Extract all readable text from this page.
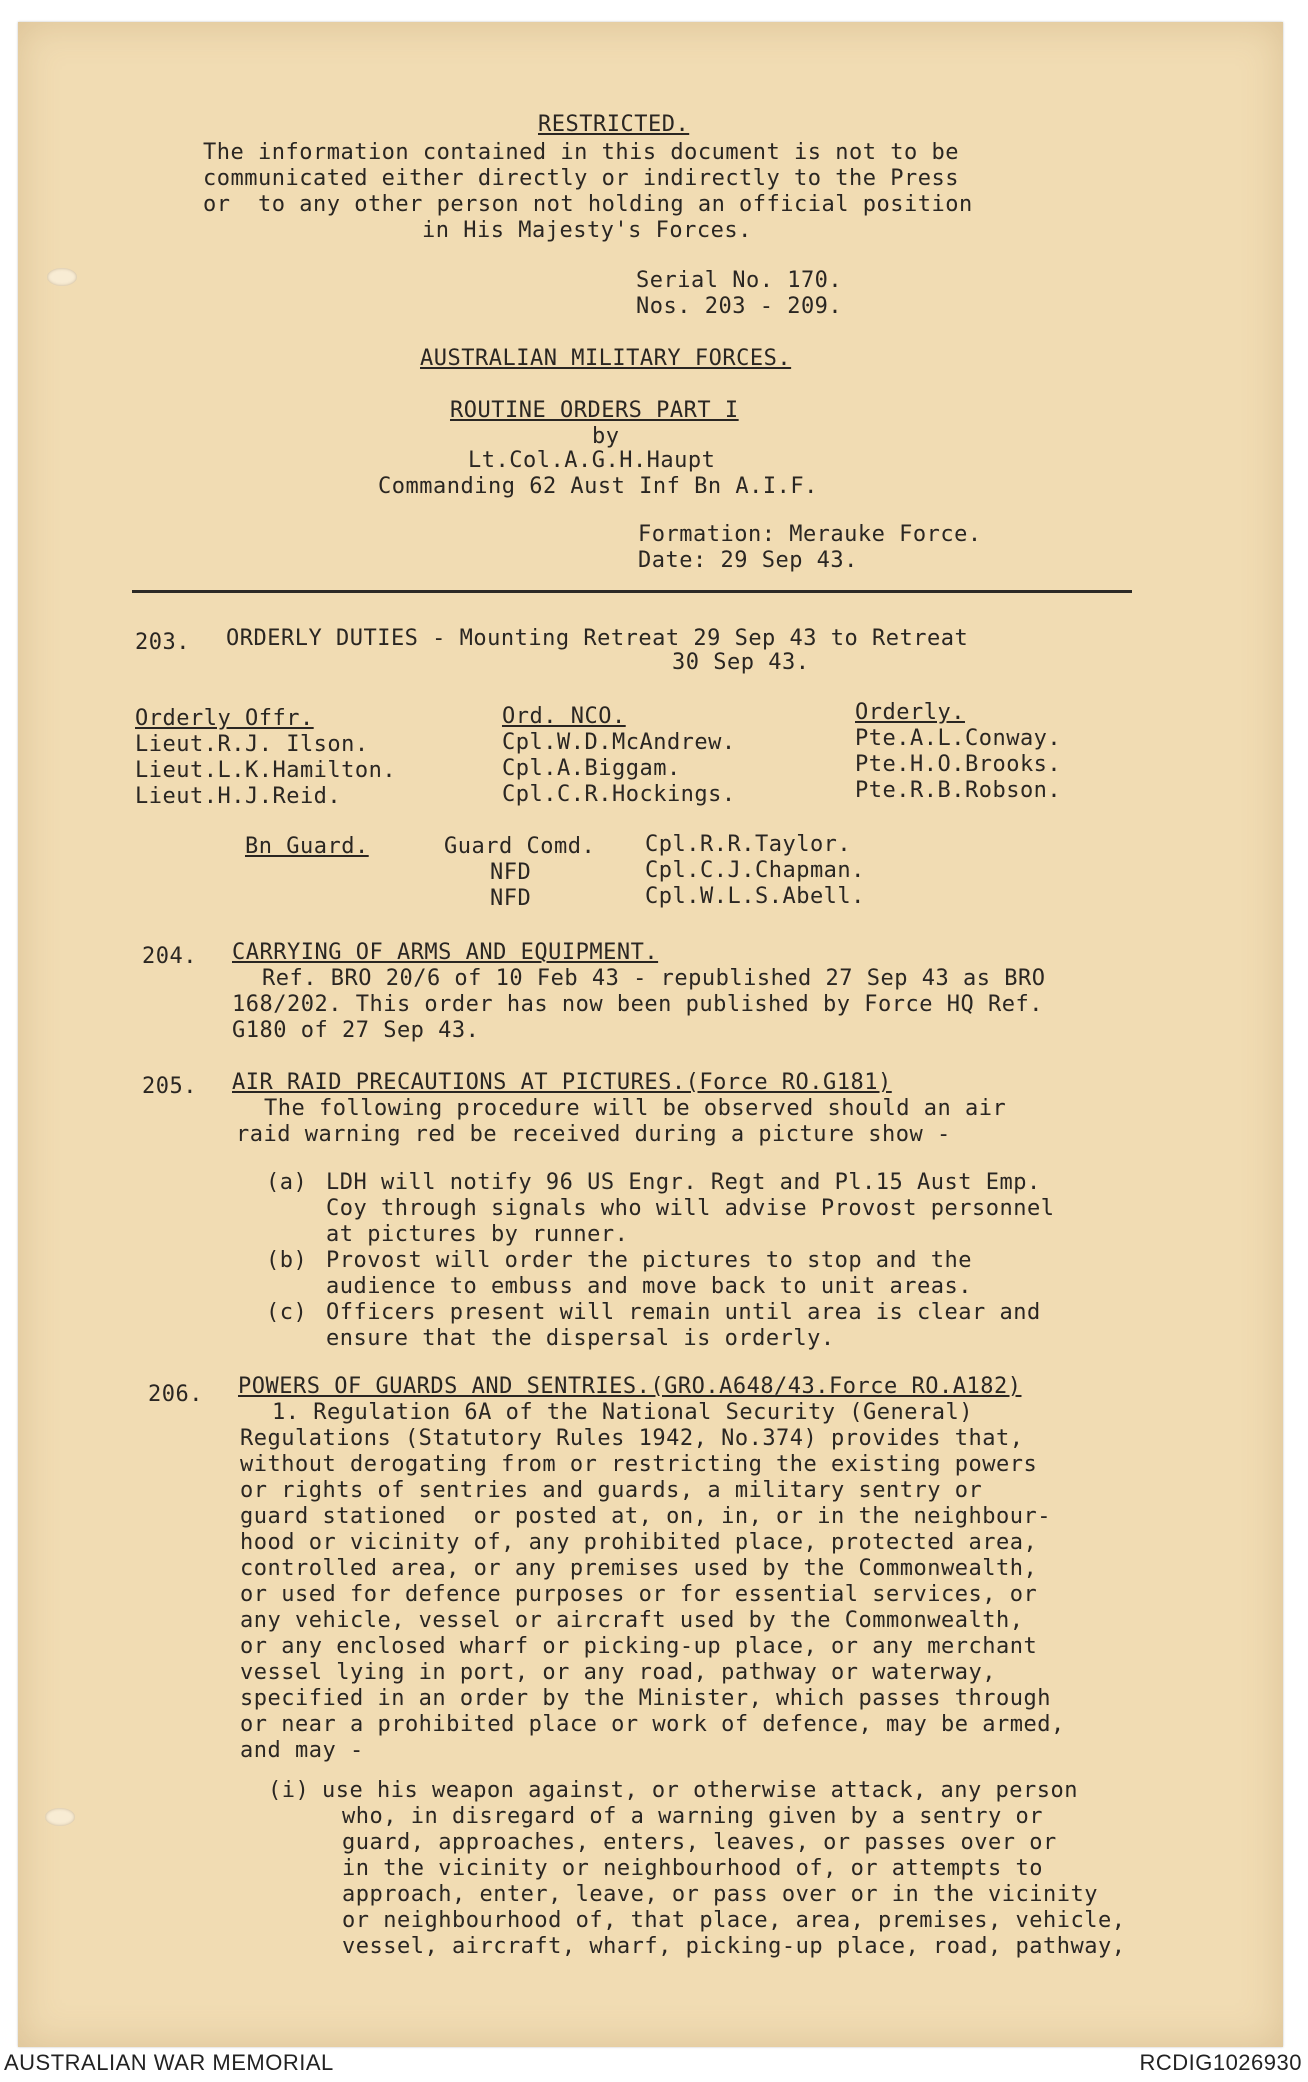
RESTRICTED.
The information contained in this document is not to be
communicated either directly or indirectly to the Press
or  to any other person not holding an official position
in His Majesty's Forces.
Serial No. 170.
Nos. 203 - 209.
AUSTRALIAN MILITARY FORCES.
ROUTINE ORDERS PART I
by
Lt.Col.A.G.H.Haupt
Commanding 62 Aust Inf Bn A.I.F.
Formation: Merauke Force.
Date: 29 Sep 43.
203. ORDERLY DUTIES - Mounting Retreat 29 Sep 43 to Retreat
30 Sep 43.
Orderly Offr.
Lieut.R.J. Ilson.
Lieut.L.K.Hamilton.
Lieut.H.J.Reid.
Ord. NCO.
Cpl.W.D.McAndrew.
Cpl.A.Biggam.
Cpl.C.R.Hockings.
Orderly.
Pte.A.L.Conway.
Pte.H.O.Brooks.
Pte.R.B.Robson.
Bn Guard.	Guard Comd.
NFD
NFD
Cpl.R.R.Taylor.
Cpl.C.J.Chapman.
Cpl.W.L.S.Abell.
204. CARRYING OF ARMS AND EQUIPMENT.
Ref. BRO 20/6 of 10 Feb 43 - republished 27 Sep 43 as BRO
168/202. This order has now been published by Force HQ Ref.
G180 of 27 Sep 43.
205. AIR RAID PRECAUTIONS AT PICTURES.(Force RO.G181)
The following procedure will be observed should an air
raid warning red be received during a picture show -
(a) LDH will notify 96 US Engr. Regt and Pl.15 Aust Emp.
Coy through signals who will advise Provost personnel
at pictures by runner.
(b) Provost will order the pictures to stop and the
audience to embuss and move back to unit areas.
(c) Officers present will remain until area is clear and
ensure that the dispersal is orderly.
206. POWERS OF GUARDS AND SENTRIES.(GRO.A648/43.Force RO.A182)
1. Regulation 6A of the National Security (General)
Regulations (Statutory Rules 1942, No.374) provides that,
without derogating from or restricting the existing powers
or rights of sentries and guards, a military sentry or
guard stationed  or posted at, on, in, or in the neighbour-
hood or vicinity of, any prohibited place, protected area,
controlled area, or any premises used by the Commonwealth,
or used for defence purposes or for essential services, or
any vehicle, vessel or aircraft used by the Commonwealth,
or any enclosed wharf or picking-up place, or any merchant
vessel lying in port, or any road, pathway or waterway,
specified in an order by the Minister, which passes through
or near a prohibited place or work of defence, may be armed,
and may -
(i) use his weapon against, or otherwise attack, any person
who, in disregard of a warning given by a sentry or
guard, approaches, enters, leaves, or passes over or
in the vicinity or neighbourhood of, or attempts to
approach, enter, leave, or pass over or in the vicinity
or neighbourhood of, that place, area, premises, vehicle,
vessel, aircraft, wharf, picking-up place, road, pathway,
AUSTRALIAN WAR MEMORIAL	RCDIG1026930
